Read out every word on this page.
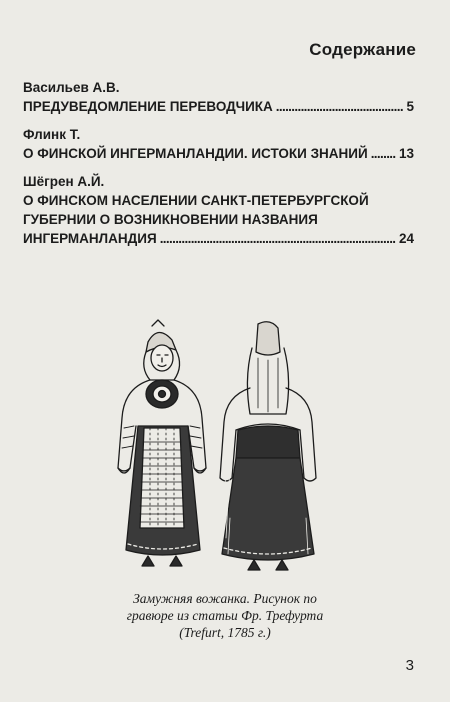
Содержание
Васильев А.В.
ПРЕДУВЕДОМЛЕНИЕ ПЕРЕВОДЧИКА . . .	5
Флинк Т.
О ФИНСКОЙ ИНГЕРМАНЛАНДИИ. ИСТОКИ ЗНАНИЙ . . . 13
Шёгрен А.Й.
О ФИНСКОМ НАСЕЛЕНИИ САНКТ-ПЕТЕРБУРГСКОЙ
ГУБЕРНИИ О ВОЗНИКНОВЕНИИ НАЗВАНИЯ
ИНГЕРМАНЛАНДИЯ . . .	24
Замужняя вожанка. Рисунок по
гравюре из статьи Фр. Трефурта
(Trefurt, 1785 г.)
3
